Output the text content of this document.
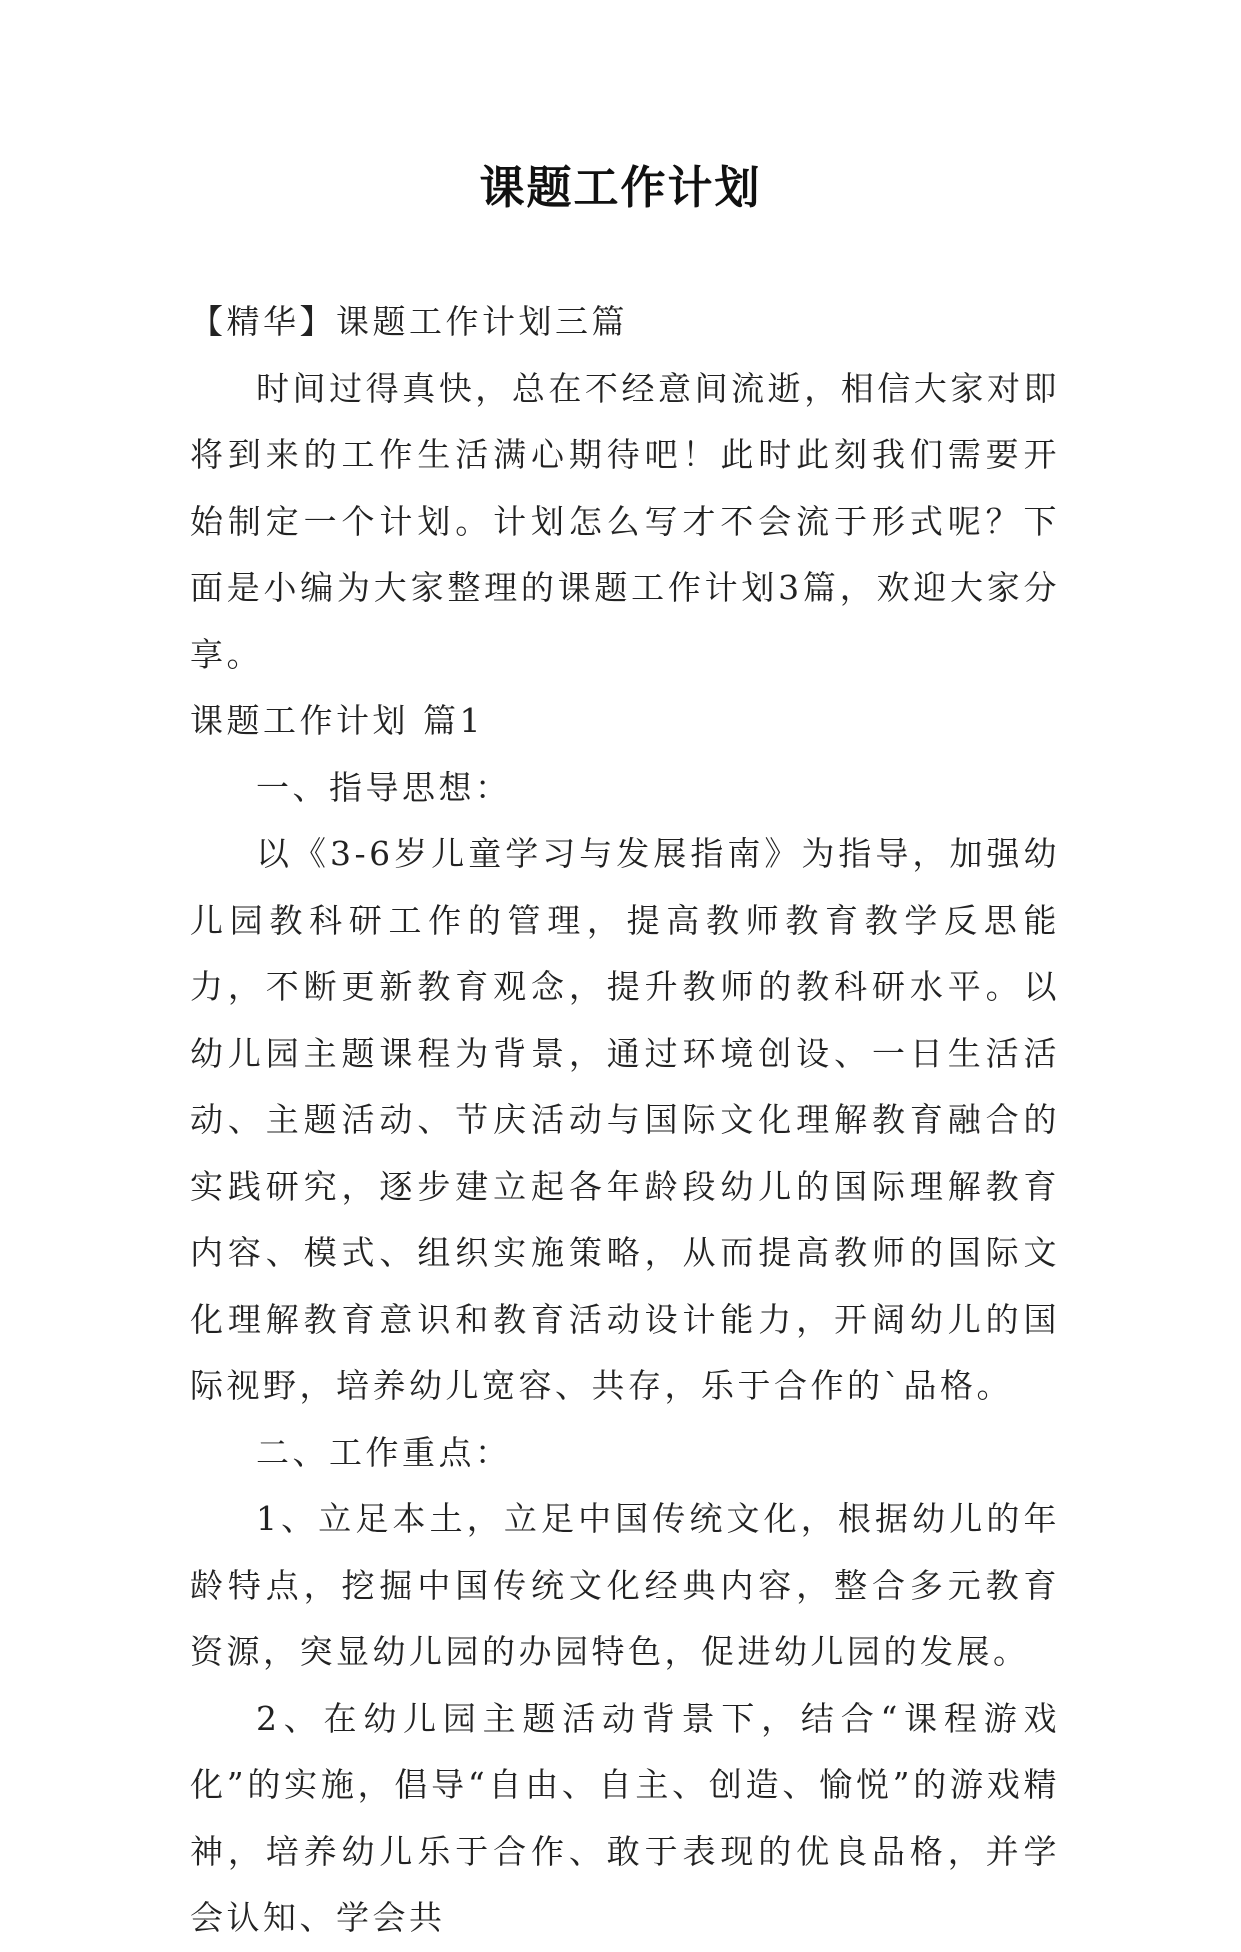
课题工作计划

【精华】课题工作计划三篇

时间过得真快，总在不经意间流逝，相信大家对即将到来的工作生活满心期待吧！此时此刻我们需要开始制定一个计划。计划怎么写才不会流于形式呢？下面是小编为大家整理的课题工作计划3篇，欢迎大家分享。

课题工作计划 篇1

一、指导思想：

以《3-6岁儿童学习与发展指南》为指导，加强幼儿园教科研工作的管理，提高教师教育教学反思能力，不断更新教育观念，提升教师的教科研水平。以幼儿园主题课程为背景，通过环境创设、一日生活活动、主题活动、节庆活动与国际文化理解教育融合的实践研究，逐步建立起各年龄段幼儿的国际理解教育内容、模式、组织实施策略，从而提高教师的国际文化理解教育意识和教育活动设计能力，开阔幼儿的国际视野，培养幼儿宽容、共存，乐于合作的`品格。

二、工作重点：

1、立足本土，立足中国传统文化，根据幼儿的年龄特点，挖掘中国传统文化经典内容，整合多元教育资源，突显幼儿园的办园特色，促进幼儿园的发展。

2、在幼儿园主题活动背景下，结合“课程游戏化”的实施，倡导“自由、自主、创造、愉悦”的游戏精神，培养幼儿乐于合作、敢于表现的优良品格，并学会认知、学会共
